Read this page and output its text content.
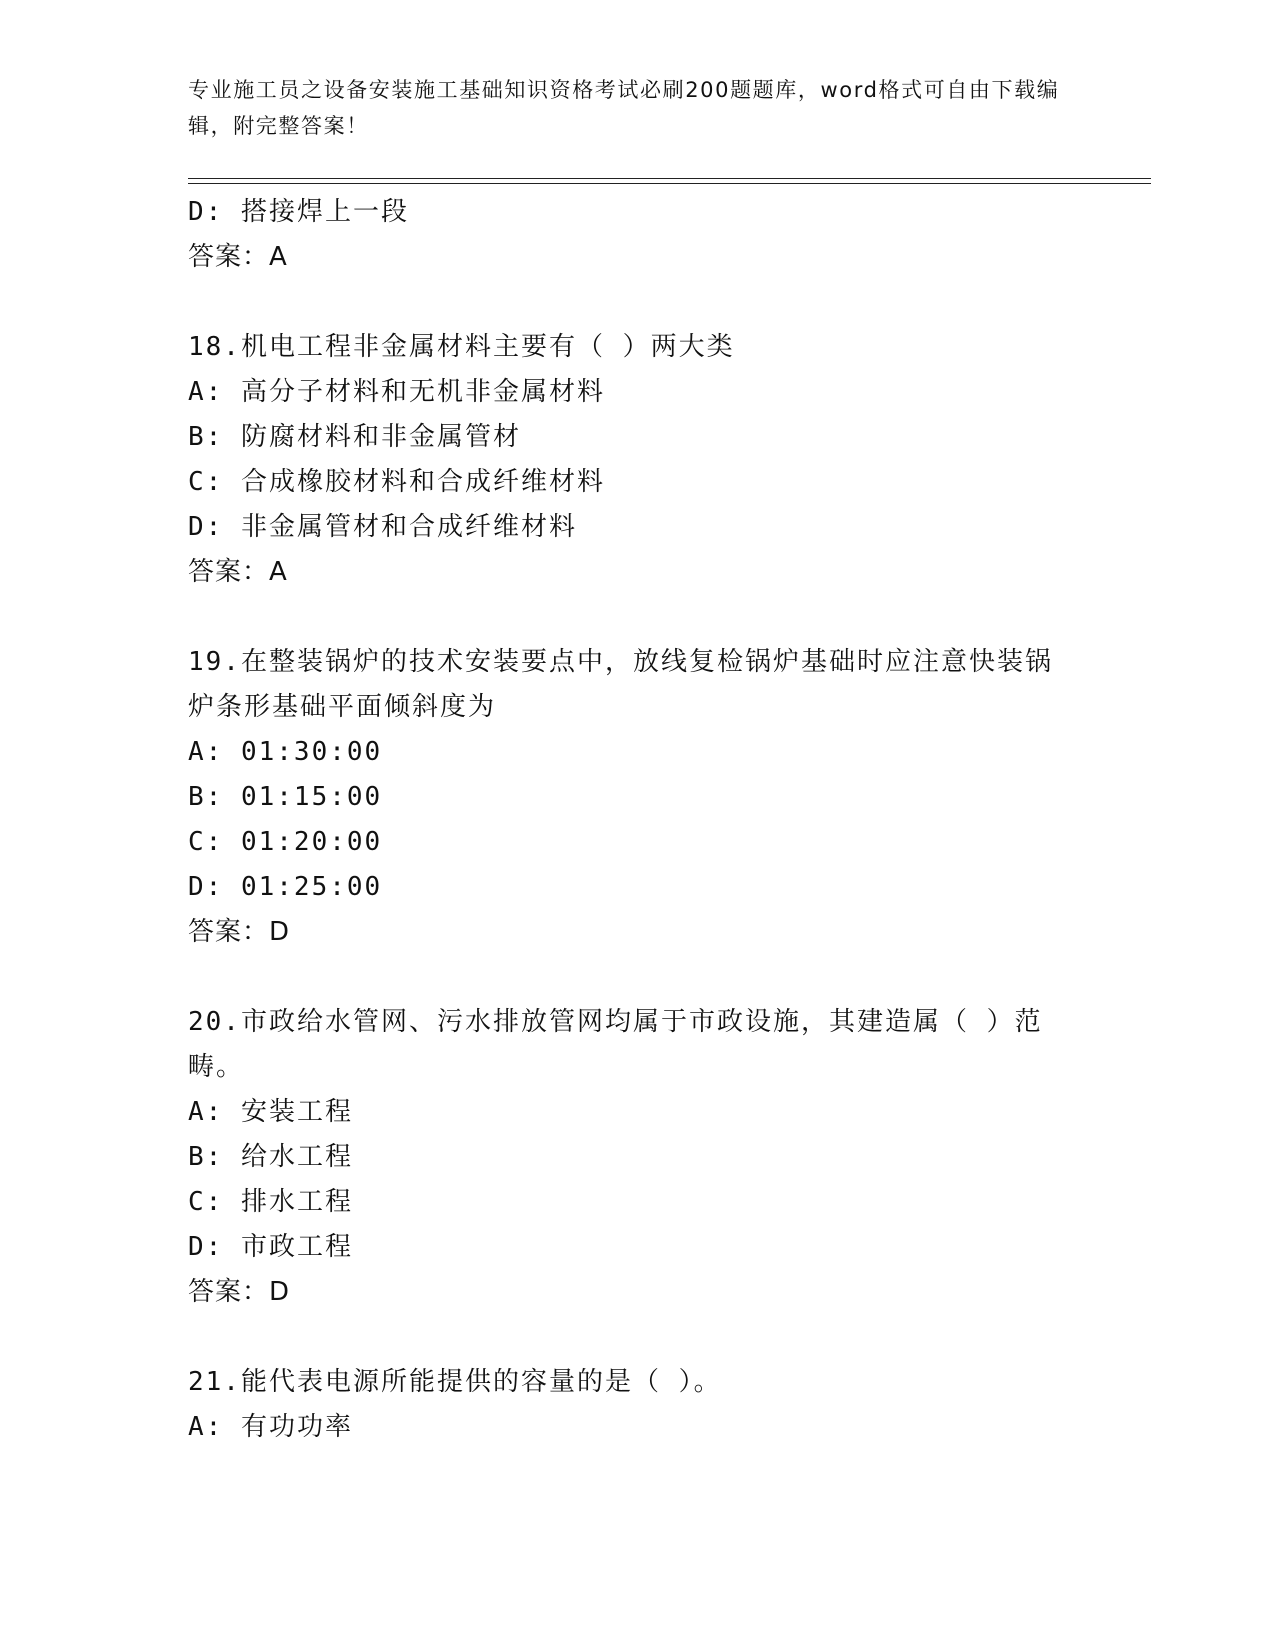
专业施工员之设备安装施工基础知识资格考试必刷200题题库，word格式可自由下载编辑，附完整答案！
D: 搭接焊上一段
答案：A
18.机电工程非金属材料主要有（ ）两大类
A: 高分子材料和无机非金属材料
B: 防腐材料和非金属管材
C: 合成橡胶材料和合成纤维材料
D: 非金属管材和合成纤维材料
答案：A
19.在整装锅炉的技术安装要点中，放线复检锅炉基础时应注意快装锅炉条形基础平面倾斜度为
A: 01:30:00
B: 01:15:00
C: 01:20:00
D: 01:25:00
答案：D
20.市政给水管网、污水排放管网均属于市政设施，其建造属（ ）范畴。
A: 安装工程
B: 给水工程
C: 排水工程
D: 市政工程
答案：D
21.能代表电源所能提供的容量的是（ ）。
A: 有功功率
